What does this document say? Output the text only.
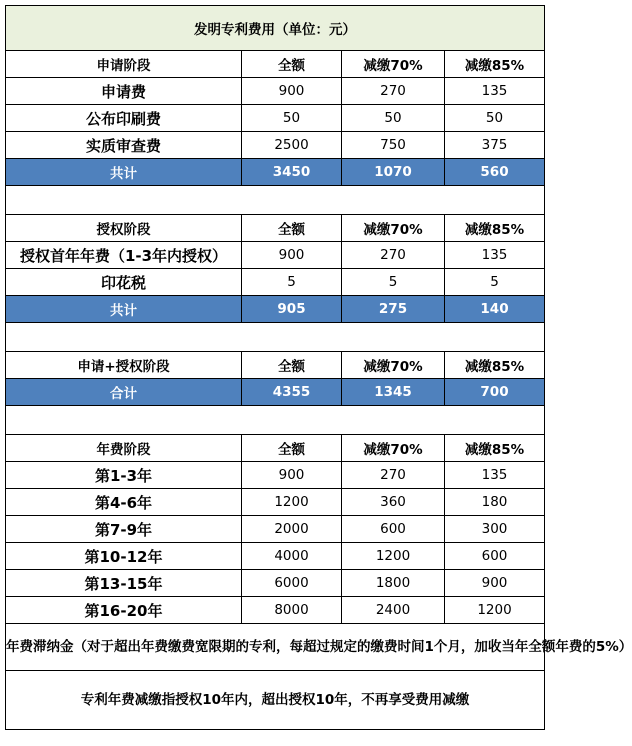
发明专利费用（单位：元）			
申请阶段	全额	减缴70%	减缴85%
申请费	900	270	135
公布印刷费	50	50	50
实质审查费	2500	750	375
共计	3450	1070	560

授权阶段	全额	减缴70%	减缴85%
授权首年年费（1-3年内授权）	900	270	135
印花税	5	5	5
共计	905	275	140

申请+授权阶段	全额	减缴70%	减缴85%
合计	4355	1345	700

年费阶段	全额	减缴70%	减缴85%
第1-3年	900	270	135
第4-6年	1200	360	180
第7-9年	2000	600	300
第10-12年	4000	1200	600
第13-15年	6000	1800	900
第16-20年	8000	2400	1200
年费滞纳金（对于超出年费缴费宽限期的专利，每超过规定的缴费时间1个月，加收当年全额年费的5%）			
专利年费减缴指授权10年内，超出授权10年，不再享受费用减缴			
